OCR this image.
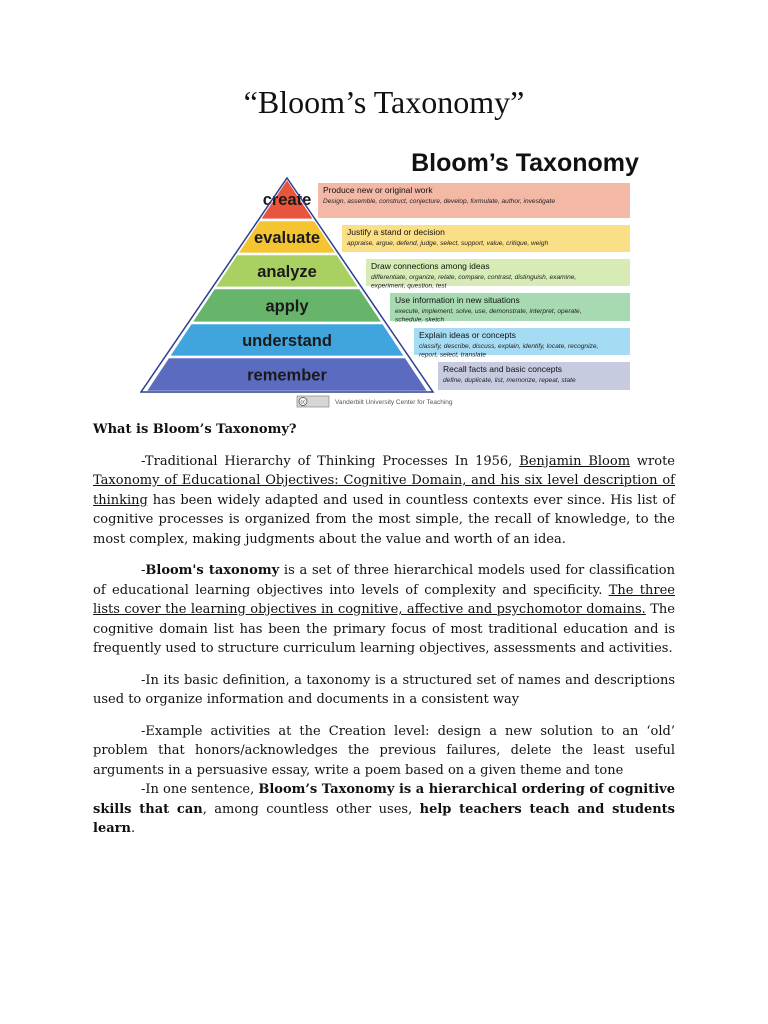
“Bloom’s Taxonomy”
Bloom’s Taxonomy
create
evaluate
analyze
apply
understand
remember
Produce new or original work
Design, assemble, construct, conjecture, develop, formulate, author, investigate
Justify a stand or decision
appraise, argue, defend, judge, select, support, value, critique, weigh
Draw connections among ideas
differentiate, organize, relate, compare, contrast, distinguish, examine,
experiment, question, test
Use information in new situations
execute, implement, solve, use, demonstrate, interpret, operate,
schedule, sketch
Explain ideas or concepts
classify, describe, discuss, explain, identify, locate, recognize,
report, select, translate
Recall facts and basic concepts
define, duplicate, list, memorize, repeat, state
cc	Vanderbilt University Center for Teaching

What is Bloom’s Taxonomy?

-Traditional Hierarchy of Thinking Processes In 1956, Benjamin Bloom wrote Taxonomy of Educational Objectives: Cognitive Domain, and his six level description of thinking has been widely adapted and used in countless contexts ever since. His list of cognitive processes is organized from the most simple, the recall of knowledge, to the most complex, making judgments about the value and worth of an idea.

-Bloom's taxonomy is a set of three hierarchical models used for classification of educational learning objectives into levels of complexity and specificity. The three lists cover the learning objectives in cognitive, affective and psychomotor domains. The cognitive domain list has been the primary focus of most traditional education and is frequently used to structure curriculum learning objectives, assessments and activities.

-In its basic definition, a taxonomy is a structured set of names and descriptions used to organize information and documents in a consistent way

-Example activities at the Creation level: design a new solution to an ‘old’ problem that honors/acknowledges the previous failures, delete the least useful arguments in a persuasive essay, write a poem based on a given theme and tone

-In one sentence, Bloom’s Taxonomy is a hierarchical ordering of cognitive skills that can, among countless other uses, help teachers teach and students learn.
